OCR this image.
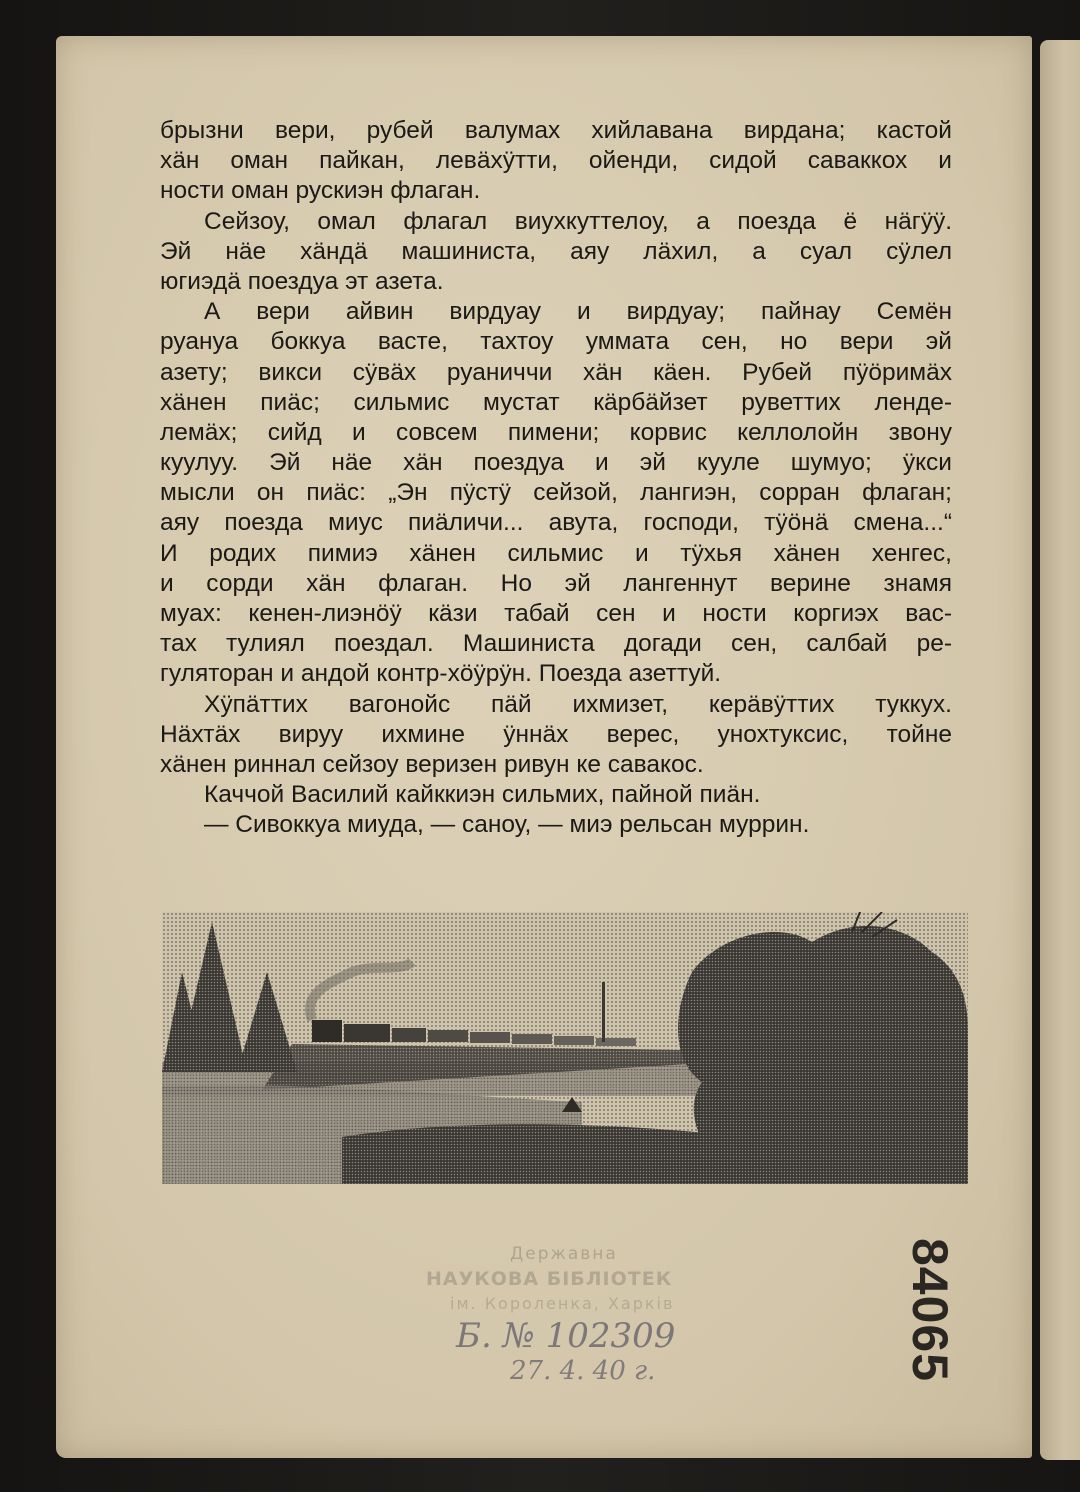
брызни вери, рубей валумах хийлавана вирдана; кастой
хäн оман пайкан, левäхӱтти, ойенди, сидой саваккох и
ности оман рускиэн флаган.
Сейзоу, омал флагал виухкуттелоу, а поезда ё нäгӱӱ.
Эй нäе хäндä машиниста, аяу лäхил, а суал сӱлел
югиэдä поездуа эт азета.
А вери айвин вирдуау и вирдуау; пайнау Семён
руануа боккуа васте, тахтоу уммата сен, но вери эй
азету; викси сӱвäх руаниччи хäн кäен. Рубей пӱöримäх
хäнен пиäс; сильмис мустат кäрбäйзет руветтих ленде-
лемäх; сийд и совсем пимени; корвис келлолойн звону
куулуу. Эй нäе хäн поездуа и эй кууле шумуо; ӱкси
мысли он пиäс: „Эн пӱстӱ сейзой, лангиэн, сорран флаган;
аяу поезда миус пиäличи... авута, господи, тӱöнä смена...“
И родих пимиэ хäнен сильмис и тӱхья хäнен хенгес,
и сорди хäн флаган. Но эй лангеннут верине знамя
муах: кенен-лиэнöӱ кäзи табай сен и ности коргиэх вас-
тах тулиял поездал. Машиниста догади сен, салбай ре-
гуляторан и андой контр-хöӱрӱн. Поезда азеттуй.
Хӱпäттих вагонойс пäй ихмизет, керäвӱттих туккух.
Нäхтäх вируу ихмине ӱннäх верес, унохтуксис, тойне
хäнен риннал сейзоу веризен ривун ке савакос.
Каччой Василий кайккиэн сильмих, пайной пиäн.
— Сивоккуа миуда, — саноу, — миэ рельсан муррин.
Державна
НАУКОВА БІБЛІОТЕК
ім. Короленка, Харків
Б. № 102309
27. 4. 40 г.	84065
